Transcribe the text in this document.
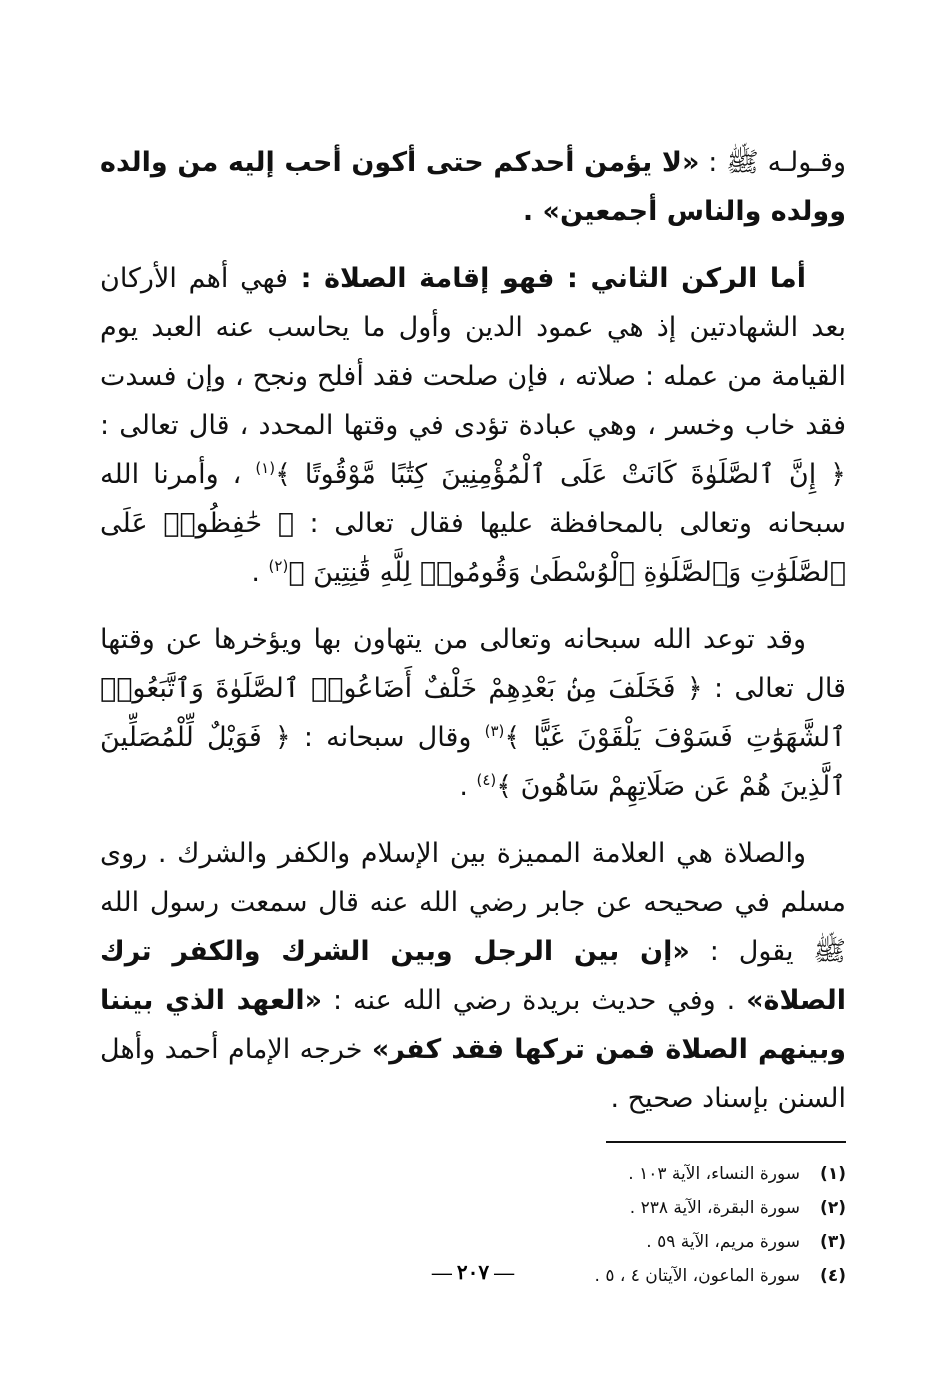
وقـولـه ﷺ : «لا يؤمن أحدكم حتى أكون أحب إليه من والده وولده والناس أجمعين» .

أما الركن الثاني : فهو إقامة الصلاة : فهي أهم الأركان بعد الشهادتين إذ هي عمود الدين وأول ما يحاسب عنه العبد يوم القيامة من عمله : صلاته ، فإن صلحت فقد أفلح ونجح ، وإن فسدت فقد خاب وخسر ، وهي عبادة تؤدى في وقتها المحدد ، قال تعالى : ﴿ إِنَّ ٱلصَّلَوٰةَ كَانَتْ عَلَى ٱلْمُؤْمِنِينَ كِتَٰبًا مَّوْقُوتًا ﴾$^{(١)}$ ، وأمرنا الله سبحانه وتعالى بالمحافظة عليها فقال تعالى : ﴿ حَٰفِظُوا۟ عَلَى ٱلصَّلَوَٰتِ وَٱلصَّلَوٰةِ ٱلْوُسْطَىٰ وَقُومُوا۟ لِلَّهِ قَٰنِتِينَ ﴾$^{(٢)}$ .

وقد توعد الله سبحانه وتعالى من يتهاون بها ويؤخرها عن وقتها قال تعالى : ﴿ فَخَلَفَ مِنۢ بَعْدِهِمْ خَلْفٌ أَضَاعُوا۟ ٱلصَّلَوٰةَ وَٱتَّبَعُوا۟ ٱلشَّهَوَٰتِ فَسَوْفَ يَلْقَوْنَ غَيًّا ﴾$^{(٣)}$ وقال سبحانه : ﴿ فَوَيْلٌ لِّلْمُصَلِّينَ ٱلَّذِينَ هُمْ عَن صَلَاتِهِمْ سَاهُونَ ﴾$^{(٤)}$ .

والصلاة هي العلامة المميزة بين الإسلام والكفر والشرك . روى مسلم في صحيحه عن جابر رضي الله عنه قال سمعت رسول الله ﷺ يقول : «إن بين الرجل وبين الشرك والكفر ترك الصلاة» . وفي حديث بريدة رضي الله عنه : «العهد الذي بيننا وبينهم الصلاة فمن تركها فقد كفر» خرجه الإمام أحمد وأهل السنن بإسناد صحيح .

(١)
سورة النساء، الآية ١٠٣ .
(٢)
سورة البقرة، الآية ٢٣٨ .
(٣)
سورة مريم، الآية ٥٩ .
(٤)
سورة الماعون، الآيتان ٤ ، ٥ .
— ٢٠٧ —
